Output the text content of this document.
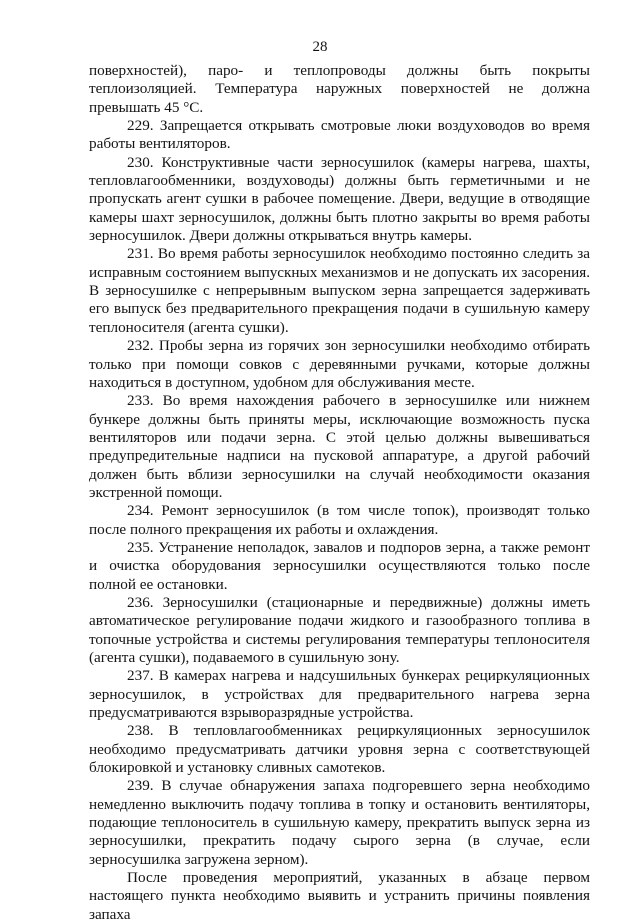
28

поверхностей), паро- и теплопроводы должны быть покрыты теплоизоляцией. Температура наружных поверхностей не должна превышать 45 °С.

229. Запрещается открывать смотровые люки воздуховодов во время работы вентиляторов.

230. Конструктивные части зерносушилок (камеры нагрева, шахты, тепловлагообменники, воздуховоды) должны быть герметичными и не пропускать агент сушки в рабочее помещение. Двери, ведущие в отводящие камеры шахт зерносушилок, должны быть плотно закрыты во время работы зерносушилок. Двери должны открываться внутрь камеры.

231. Во время работы зерносушилок необходимо постоянно следить за исправным состоянием выпускных механизмов и не допускать их засорения. В зерносушилке с непрерывным выпуском зерна запрещается задерживать его выпуск без предварительного прекращения подачи в сушильную камеру теплоносителя (агента сушки).

232. Пробы зерна из горячих зон зерносушилки необходимо отбирать только при помощи совков с деревянными ручками, которые должны находиться в доступном, удобном для обслуживания месте.

233. Во время нахождения рабочего в зерносушилке или нижнем бункере должны быть приняты меры, исключающие возможность пуска вентиляторов или подачи зерна. С этой целью должны вывешиваться предупредительные надписи на пусковой аппаратуре, а другой рабочий должен быть вблизи зерносушилки на случай необходимости оказания экстренной помощи.

234. Ремонт зерносушилок (в том числе топок), производят только после полного прекращения их работы и охлаждения.

235. Устранение неполадок, завалов и подпоров зерна, а также ремонт и очистка оборудования зерносушилки осуществляются только после полной ее остановки.

236. Зерносушилки (стационарные и передвижные) должны иметь автоматическое регулирование подачи жидкого и газообразного топлива в топочные устройства и системы регулирования температуры теплоносителя (агента сушки), подаваемого в сушильную зону.

237. В камерах нагрева и надсушильных бункерах рециркуляционных зерносушилок, в устройствах для предварительного нагрева зерна предусматриваются взрыворазрядные устройства.

238. В тепловлагообменниках рециркуляционных зерносушилок необходимо предусматривать датчики уровня зерна с соответствующей блокировкой и установку сливных самотеков.

239. В случае обнаружения запаха подгоревшего зерна необходимо немедленно выключить подачу топлива в топку и остановить вентиляторы, подающие теплоноситель в сушильную камеру, прекратить выпуск зерна из зерносушилки, прекратить подачу сырого зерна (в случае, если зерносушилка загружена зерном).

После проведения мероприятий, указанных в абзаце первом настоящего пункта необходимо выявить и устранить причины появления запаха
